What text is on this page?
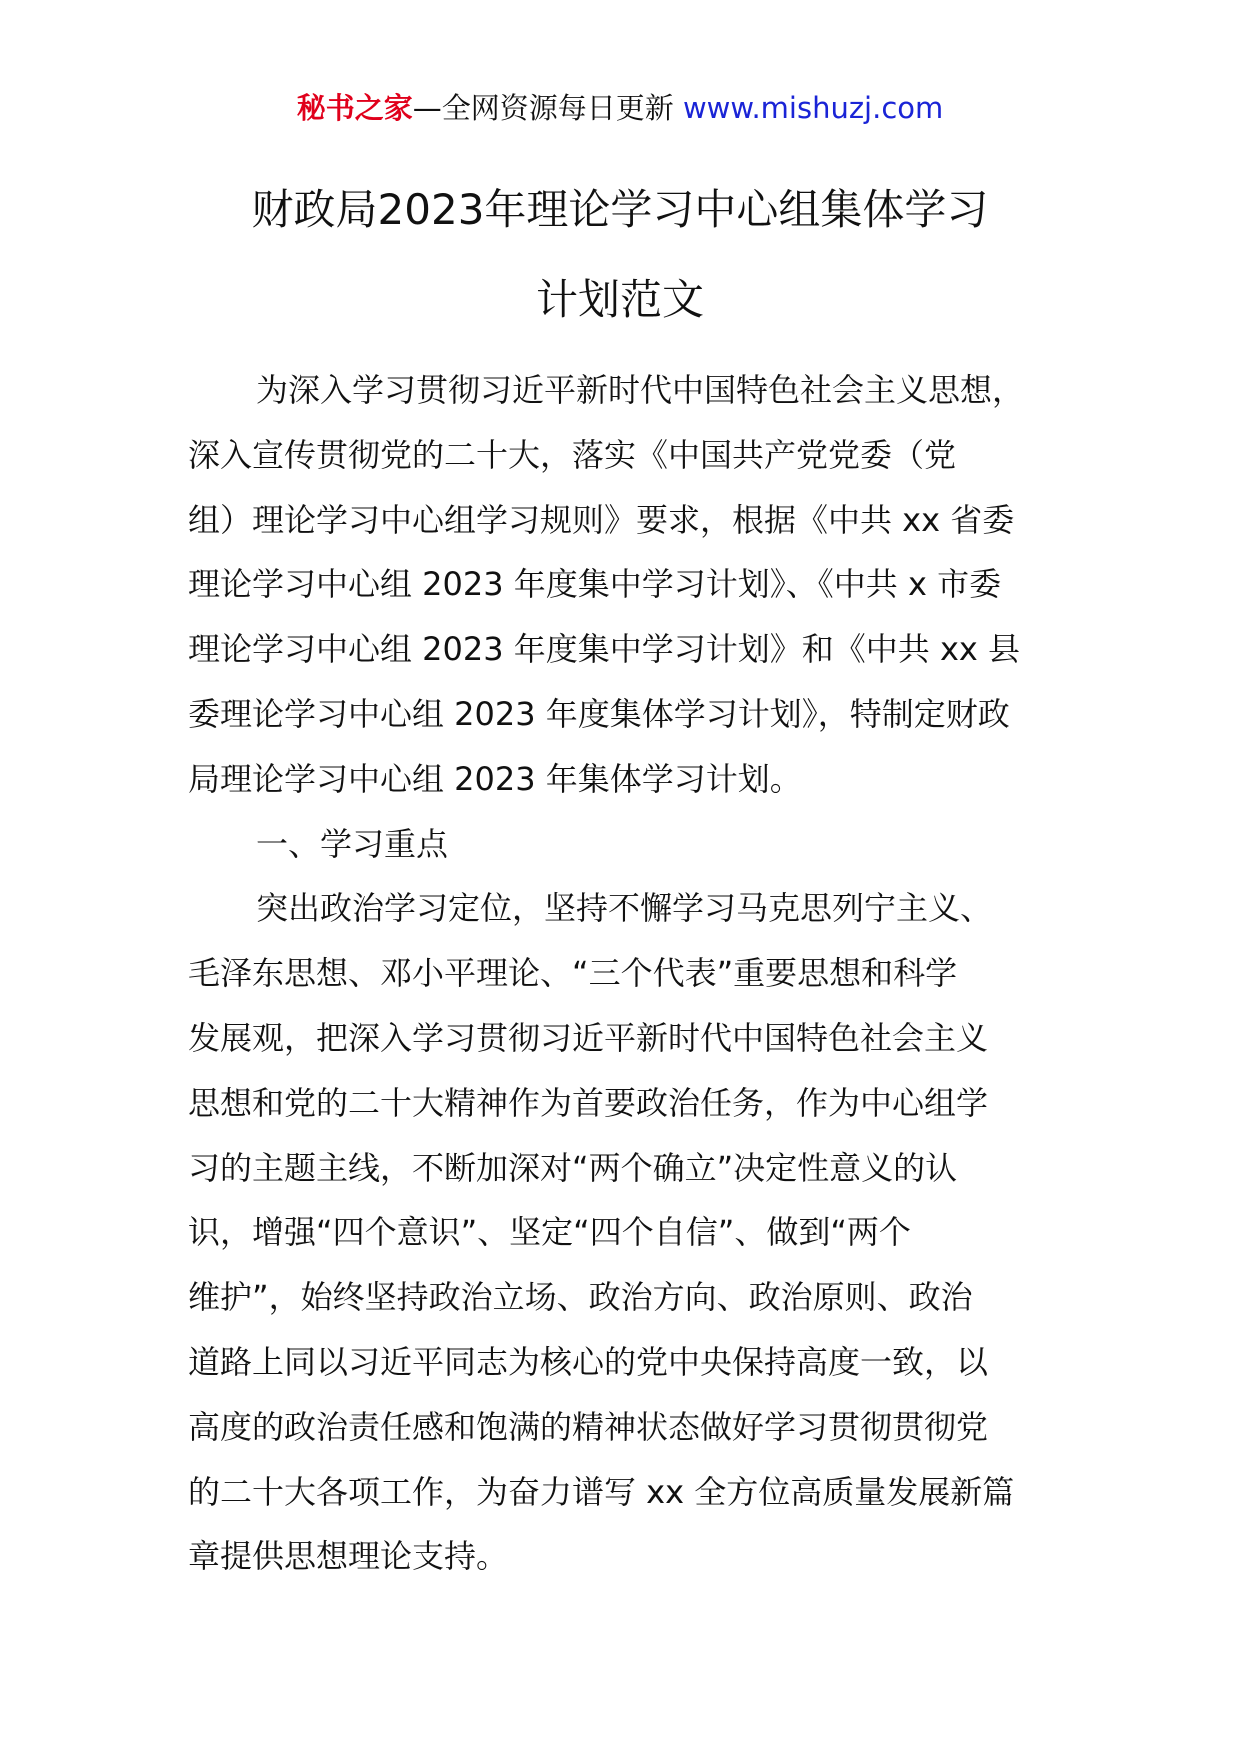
秘书之家—全网资源每日更新 www.mishuzj.com
财政局2023年理论学习中心组集体学习
计划范文
为深入学习贯彻习近平新时代中国特色社会主义思想，
深入宣传贯彻党的二十大，落实《中国共产党党委（党
组）理论学习中心组学习规则》要求，根据《中共 xx 省委
理论学习中心组 2023 年度集中学习计划》、《中共 x 市委
理论学习中心组 2023 年度集中学习计划》和《中共 xx 县
委理论学习中心组 2023 年度集体学习计划》，特制定财政
局理论学习中心组 2023 年集体学习计划。
一、学习重点
突出政治学习定位，坚持不懈学习马克思列宁主义、
毛泽东思想、邓小平理论、“三个代表”重要思想和科学
发展观，把深入学习贯彻习近平新时代中国特色社会主义
思想和党的二十大精神作为首要政治任务，作为中心组学
习的主题主线，不断加深对“两个确立”决定性意义的认
识，增强“四个意识”、坚定“四个自信”、做到“两个
维护”，始终坚持政治立场、政治方向、政治原则、政治
道路上同以习近平同志为核心的党中央保持高度一致，以
高度的政治责任感和饱满的精神状态做好学习贯彻贯彻党
的二十大各项工作，为奋力谱写 xx 全方位高质量发展新篇
章提供思想理论支持。
